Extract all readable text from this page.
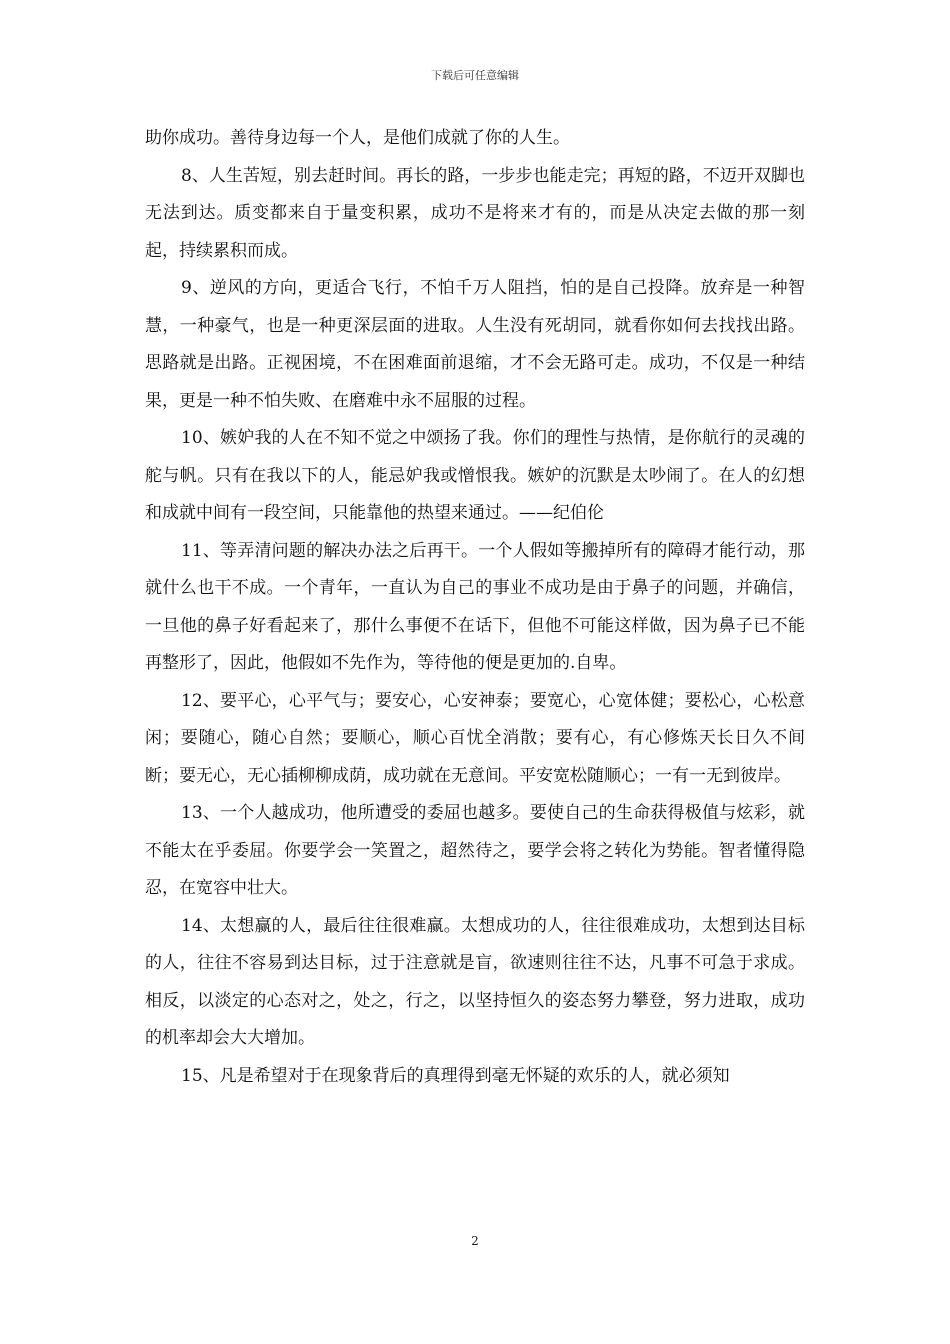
下载后可任意编辑

助你成功。善待身边每一个人，是他们成就了你的人生。

8、人生苦短，别去赶时间。再长的路，一步步也能走完；再短的路，不迈开双脚也无法到达。质变都来自于量变积累，成功不是将来才有的，而是从决定去做的那一刻起，持续累积而成。

9、逆风的方向，更适合飞行，不怕千万人阻挡，怕的是自己投降。放弃是一种智慧，一种豪气，也是一种更深层面的进取。人生没有死胡同，就看你如何去找找出路。思路就是出路。正视困境，不在困难面前退缩，才不会无路可走。成功，不仅是一种结果，更是一种不怕失败、在磨难中永不屈服的过程。

10、嫉妒我的人在不知不觉之中颂扬了我。你们的理性与热情，是你航行的灵魂的舵与帆。只有在我以下的人，能忌妒我或憎恨我。嫉妒的沉默是太吵闹了。在人的幻想和成就中间有一段空间，只能靠他的热望来通过。——纪伯伦

11、等弄清问题的解决办法之后再干。一个人假如等搬掉所有的障碍才能行动，那就什么也干不成。一个青年，一直认为自己的事业不成功是由于鼻子的问题，并确信，一旦他的鼻子好看起来了，那什么事便不在话下，但他不可能这样做，因为鼻子已不能再整形了，因此，他假如不先作为，等待他的便是更加的.自卑。

12、要平心，心平气与；要安心，心安神泰；要宽心，心宽体健；要松心，心松意闲；要随心，随心自然；要顺心，顺心百忧全消散；要有心，有心修炼天长日久不间断；要无心，无心插柳柳成荫，成功就在无意间。平安宽松随顺心；一有一无到彼岸。

13、一个人越成功，他所遭受的委屈也越多。要使自己的生命获得极值与炫彩，就不能太在乎委屈。你要学会一笑置之，超然待之，要学会将之转化为势能。智者懂得隐忍，在宽容中壮大。

14、太想赢的人，最后往往很难赢。太想成功的人，往往很难成功，太想到达目标的人，往往不容易到达目标，过于注意就是盲，欲速则往往不达，凡事不可急于求成。相反，以淡定的心态对之，处之，行之，以坚持恒久的姿态努力攀登，努力进取，成功的机率却会大大增加。

15、凡是希望对于在现象背后的真理得到毫无怀疑的欢乐的人，就必须知

2
